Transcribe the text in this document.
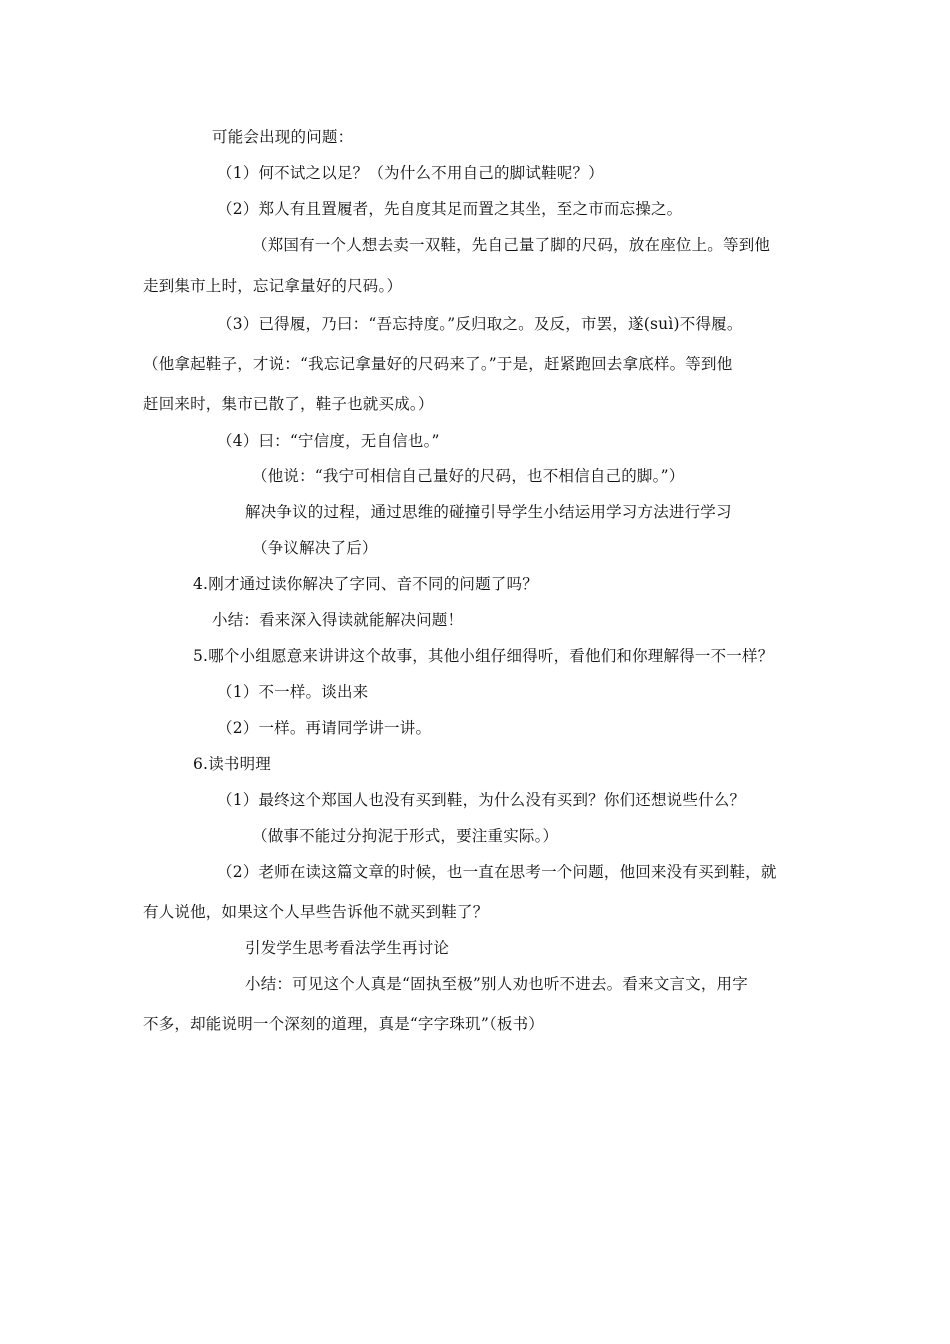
可能会出现的问题：
（1）何不试之以足？（为什么不用自己的脚试鞋呢？）
（2）郑人有且置履者，先自度其足而置之其坐，至之市而忘操之。
（郑国有一个人想去卖一双鞋，先自己量了脚的尺码，放在座位上。等到他
走到集市上时，忘记拿量好的尺码。）
（3）已得履，乃曰：“吾忘持度。”反归取之。及反，市罢，遂(suì)不得履。
（他拿起鞋子，才说：“我忘记拿量好的尺码来了。”于是，赶紧跑回去拿底样。等到他
赶回来时，集市已散了，鞋子也就买成。）
（4）曰：“宁信度，无自信也。”
（他说：“我宁可相信自己量好的尺码，也不相信自己的脚。”）
解决争议的过程，通过思维的碰撞引导学生小结运用学习方法进行学习
（争议解决了后）
4.刚才通过读你解决了字同、音不同的问题了吗？
小结：看来深入得读就能解决问题！
5.哪个小组愿意来讲讲这个故事，其他小组仔细得听，看他们和你理解得一不一样？
（1）不一样。谈出来
（2）一样。再请同学讲一讲。
6.读书明理
（1）最终这个郑国人也没有买到鞋，为什么没有买到？你们还想说些什么？
（做事不能过分拘泥于形式，要注重实际。）
（2）老师在读这篇文章的时候，也一直在思考一个问题，他回来没有买到鞋，就
有人说他，如果这个人早些告诉他不就买到鞋了？
引发学生思考看法学生再讨论
小结：可见这个人真是“固执至极”别人劝也听不进去。看来文言文，用字
不多，却能说明一个深刻的道理，真是“字字珠玑”（板书）
